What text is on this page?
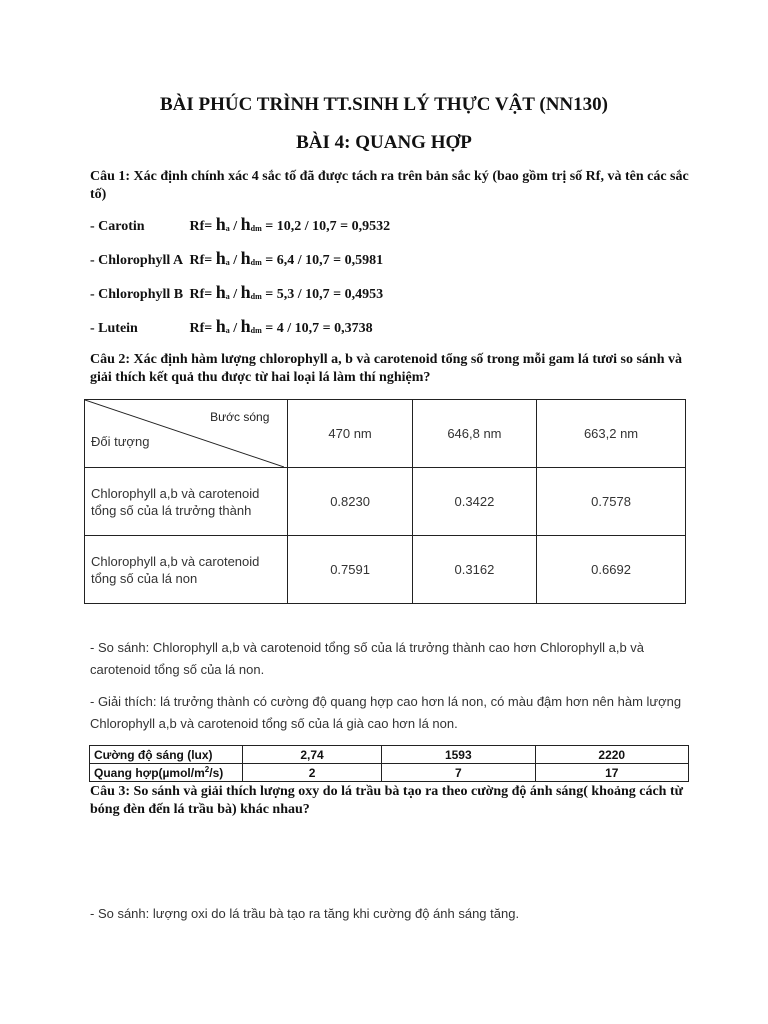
BÀI PHÚC TRÌNH TT.SINH LÝ THỰC VẬT (NN130)
BÀI 4: QUANG HỢP
Câu 1: Xác định chính xác 4 sắc tố đã được tách ra trên bản sắc ký (bao gồm trị số Rf, và tên các sắc tố)
- Carotin	Rf= ha / hdm = 10,2 / 10,7 = 0,9532
- Chlorophyll A Rf= ha / hdm = 6,4 / 10,7 = 0,5981
- Chlorophyll B Rf= ha / hdm = 5,3 / 10,7 = 0,4953
- Lutein	Rf= ha / hdm = 4 / 10,7 = 0,3738
Câu 2: Xác định hàm lượng chlorophyll a, b và carotenoid tổng số trong mỗi gam lá tươi so sánh và giải thích kết quả thu được từ hai loại lá làm thí nghiệm?
Bước sóng
Đối tượng	470 nm	646,8 nm	663,2 nm
Chlorophyll a,b và carotenoid tổng số của lá trưởng thành	0.8230	0.3422	0.7578
Chlorophyll a,b và carotenoid tổng số của lá non	0.7591	0.3162	0.6692
- So sánh: Chlorophyll a,b và carotenoid tổng số của lá trưởng thành cao hơn Chlorophyll a,b và carotenoid tổng số của lá non.
- Giải thích: lá trưởng thành có cường độ quang hợp cao hơn lá non, có màu đậm hơn nên hàm lượng Chlorophyll a,b và carotenoid tổng số của lá già cao hơn lá non.
Cường độ sáng (lux)	2,74	1593	2220
Quang $hợp(\mu mol/m^2/s)$	2	7	17
Câu 3: So sánh và giải thích lượng oxy do lá trầu bà tạo ra theo cường độ ánh sáng( khoảng cách từ bóng đèn đến lá trầu bà) khác nhau?
- So sánh: lượng oxi do lá trầu bà tạo ra tăng khi cường độ ánh sáng tăng.
